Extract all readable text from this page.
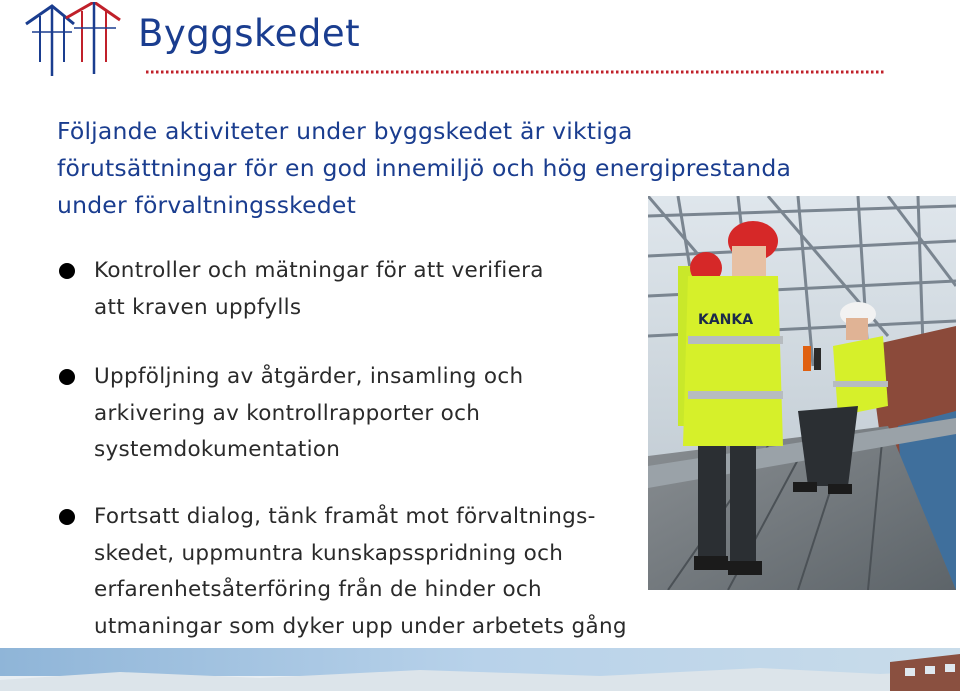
Byggskedet
Följande aktiviteter under byggskedet är viktiga
förutsättningar för en god innemiljö och hög energiprestanda
under förvaltningsskedet
Kontroller och mätningar för att verifiera
att kraven uppfylls
Uppföljning av åtgärder, insamling och
arkivering av kontrollrapporter och
systemdokumentation
Fortsatt dialog, tänk framåt mot förvaltnings-
skedet, uppmuntra kunskapsspridning och
erfarenhetsåterföring från de hinder och
utmaningar som dyker upp under arbetets gång
KANKA
